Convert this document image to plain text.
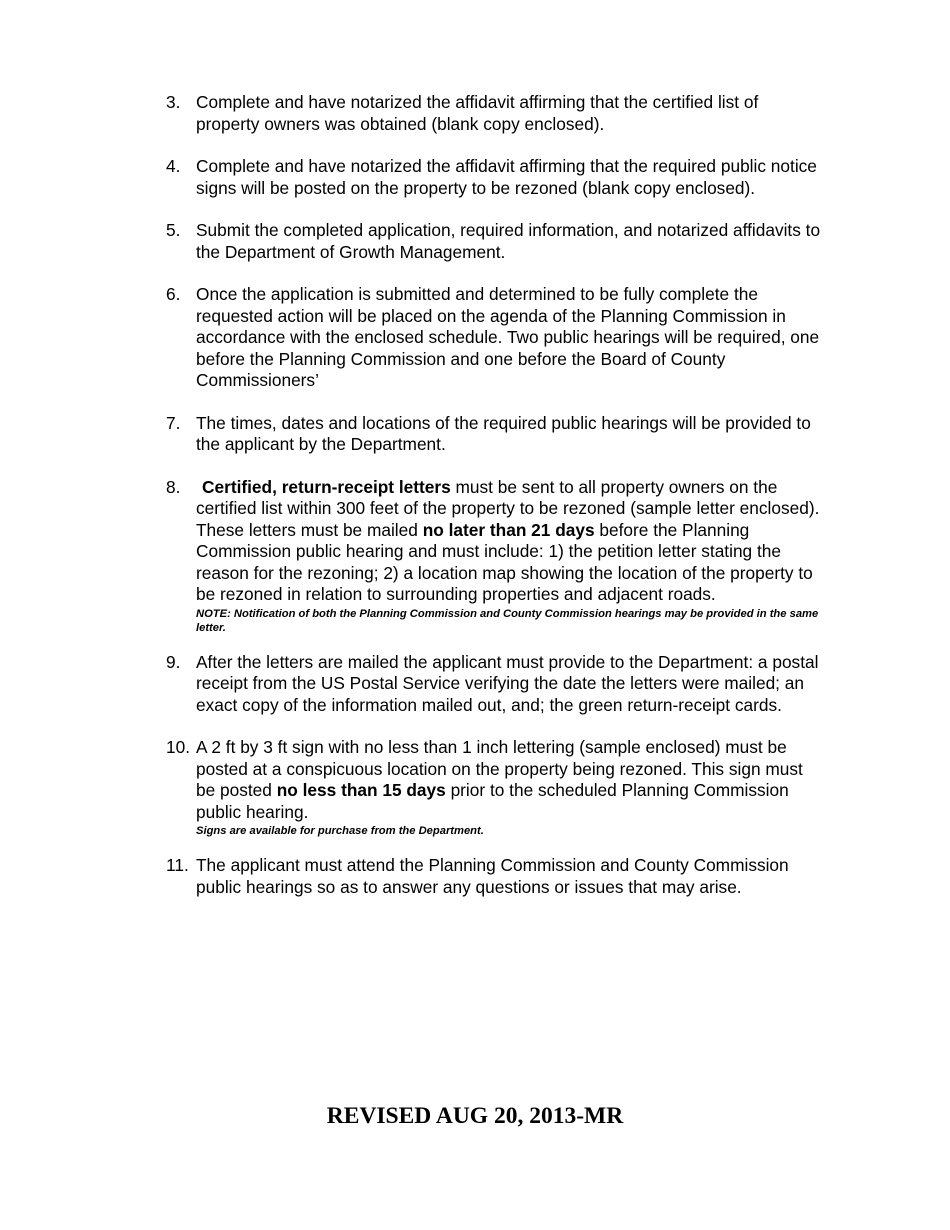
3. Complete and have notarized the affidavit affirming that the certified list of property owners was obtained (blank copy enclosed).
4. Complete and have notarized the affidavit affirming that the required public notice signs will be posted on the property to be rezoned (blank copy enclosed).
5. Submit the completed application, required information, and notarized affidavits to the Department of Growth Management.
6. Once the application is submitted and determined to be fully complete the requested action will be placed on the agenda of the Planning Commission in accordance with the enclosed schedule. Two public hearings will be required, one before the Planning Commission and one before the Board of County Commissioners’
7. The times, dates and locations of the required public hearings will be provided to the applicant by the Department.
8.	Certified, return-receipt letters must be sent to all property owners on the certified list within 300 feet of the property to be rezoned (sample letter enclosed). These letters must be mailed no later than 21 days before the Planning Commission public hearing and must include: 1) the petition letter stating the reason for the rezoning; 2) a location map showing the location of the property to be rezoned in relation to surrounding properties and adjacent roads.
NOTE: Notification of both the Planning Commission and County Commission hearings may be provided in the same letter.
9. After the letters are mailed the applicant must provide to the Department: a postal receipt from the US Postal Service verifying the date the letters were mailed; an exact copy of the information mailed out, and; the green return-receipt cards.
10. A 2 ft by 3 ft sign with no less than 1 inch lettering (sample enclosed) must be posted at a conspicuous location on the property being rezoned. This sign must be posted no less than 15 days prior to the scheduled Planning Commission public hearing.
Signs are available for purchase from the Department.
11. The applicant must attend the Planning Commission and County Commission public hearings so as to answer any questions or issues that may arise.
REVISED AUG 20, 2013-MR
